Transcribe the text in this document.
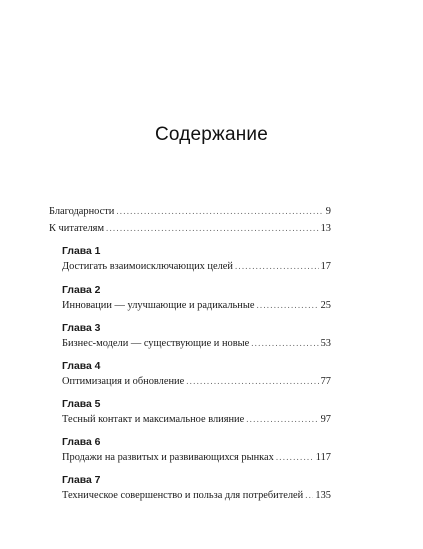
Содержание
Благодарности .....	9
К читателям .....	13
Глава 1
Достигать взаимоисключающих целей .....	17
Глава 2
Инновации — улучшающие и радикальные .....	25
Глава 3
Бизнес-модели — существующие и новые .....	53
Глава 4
Оптимизация и обновление .....	77
Глава 5
Тесный контакт и максимальное влияние .....	97
Глава 6
Продажи на развитых и развивающихся рынках .....	117
Глава 7
Техническое совершенство и польза для потребителей ..... 135
